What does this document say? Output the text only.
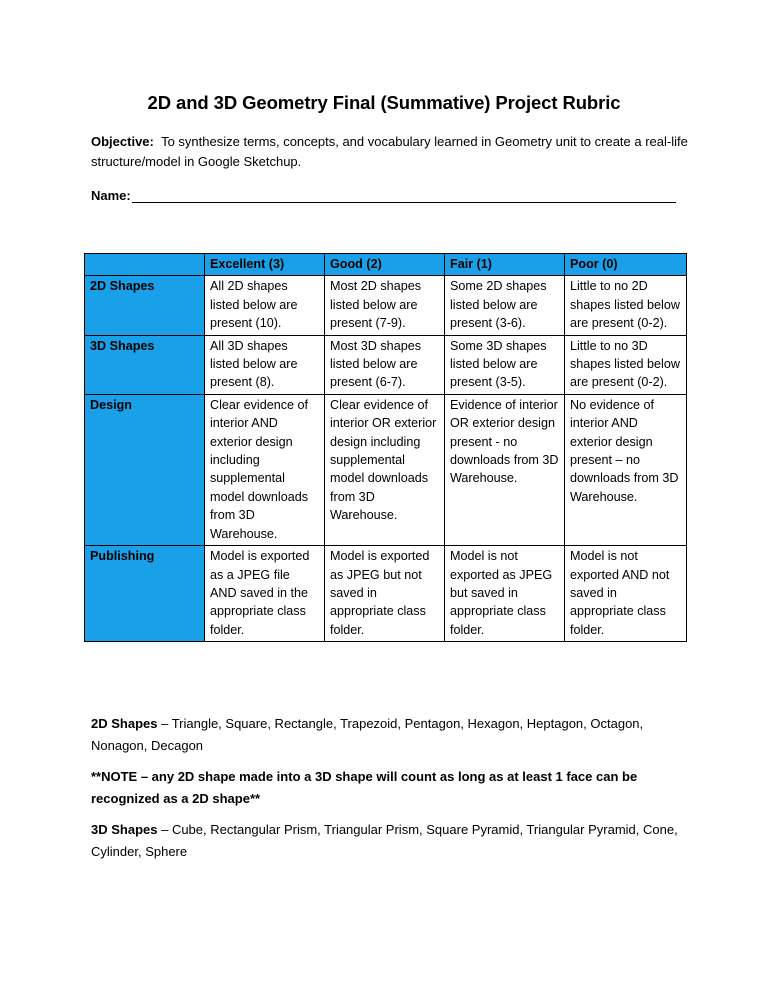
2D and 3D Geometry Final (Summative) Project Rubric
Objective: To synthesize terms, concepts, and vocabulary learned in Geometry unit to create a real-life structure/model in Google Sketchup.
Name:
	Excellent (3)	Good (2)	Fair (1)	Poor (0)
2D Shapes	All 2D shapes listed below are present (10).	Most 2D shapes listed below are present (7-9).	Some 2D shapes listed below are present (3-6).	Little to no 2D shapes listed below are present (0-2).
3D Shapes	All 3D shapes listed below are present (8).	Most 3D shapes listed below are present (6-7).	Some 3D shapes listed below are present (3-5).	Little to no 3D shapes listed below are present (0-2).
Design	Clear evidence of interior AND exterior design including supplemental model downloads from 3D Warehouse.	Clear evidence of interior OR exterior design including supplemental model downloads from 3D Warehouse.	Evidence of interior OR exterior design present - no downloads from 3D Warehouse.	No evidence of interior AND exterior design present – no downloads from 3D Warehouse.
Publishing	Model is exported as a JPEG file AND saved in the appropriate class folder.	Model is exported as JPEG but not saved in appropriate class folder.	Model is not exported as JPEG but saved in appropriate class folder.	Model is not exported AND not saved in appropriate class folder.

2D Shapes – Triangle, Square, Rectangle, Trapezoid, Pentagon, Hexagon, Heptagon, Octagon, Nonagon, Decagon

**NOTE – any 2D shape made into a 3D shape will count as long as at least 1 face can be recognized as a 2D shape**

3D Shapes – Cube, Rectangular Prism, Triangular Prism, Square Pyramid, Triangular Pyramid, Cone, Cylinder, Sphere
